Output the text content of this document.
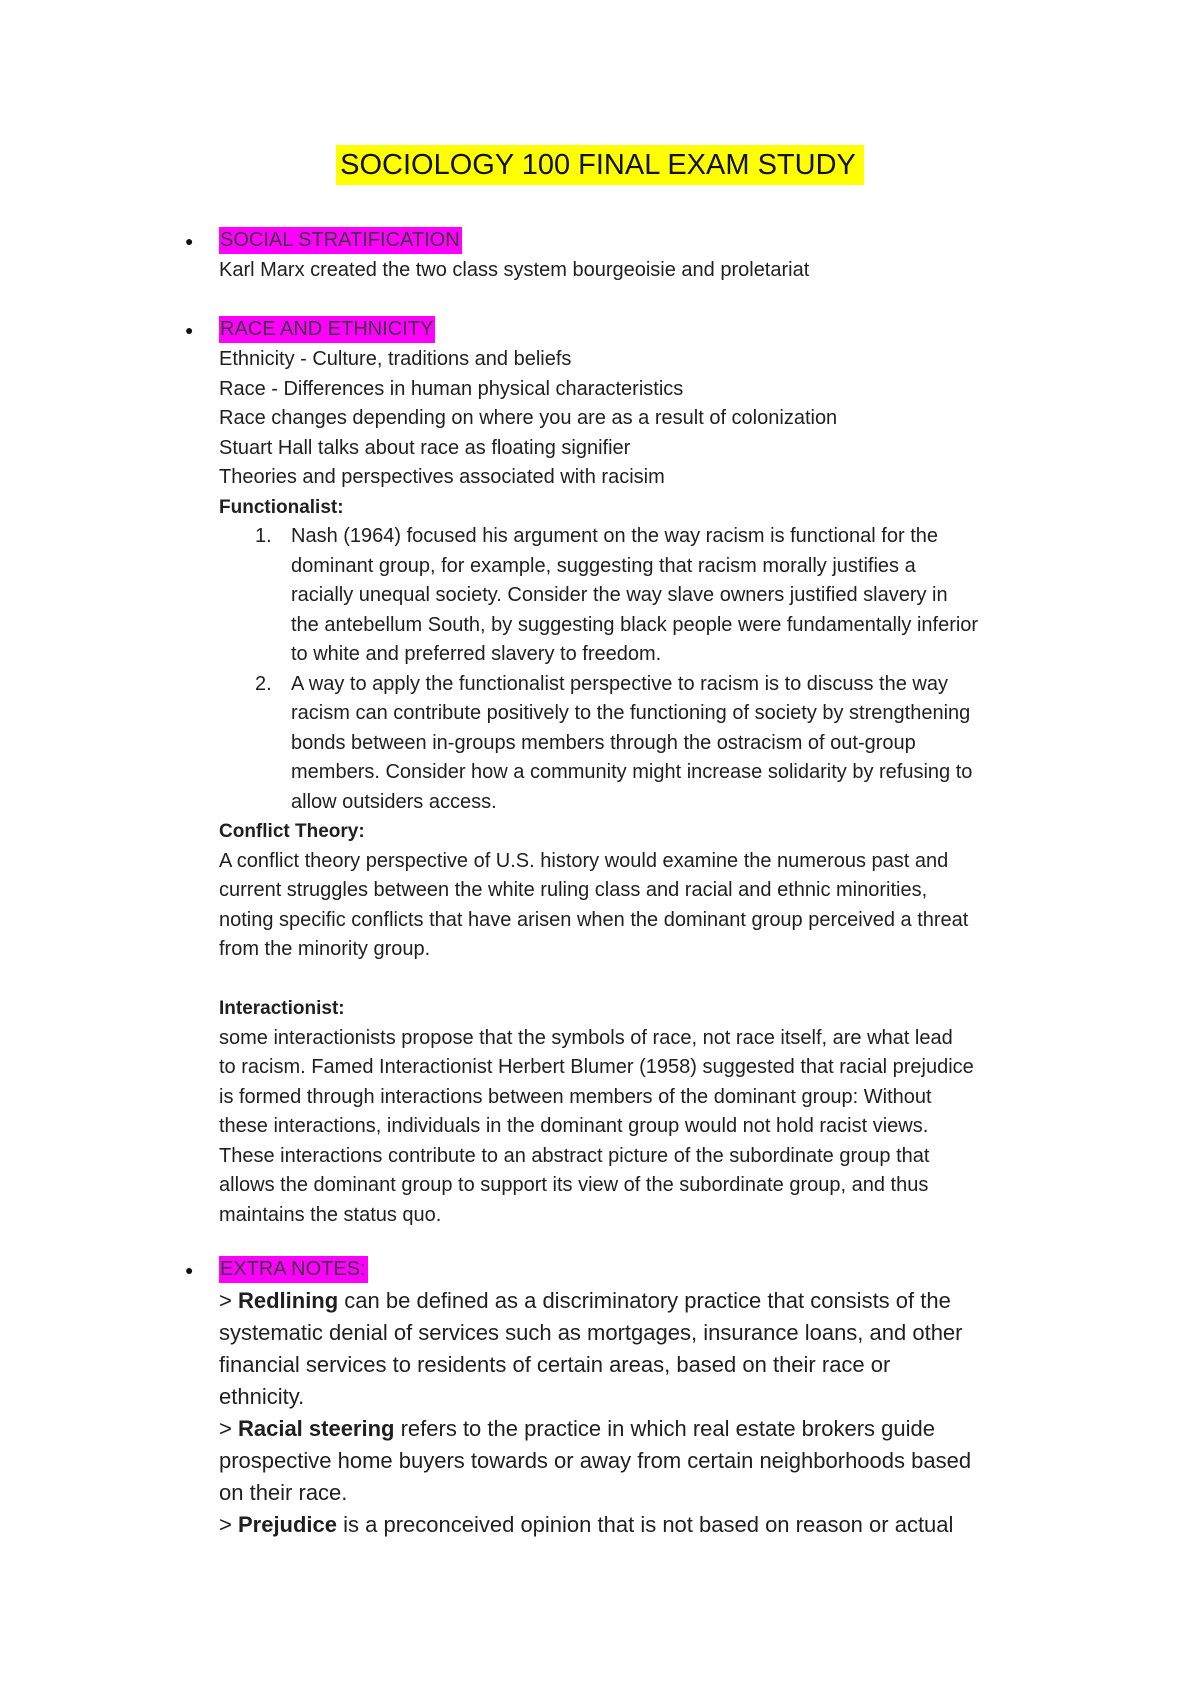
SOCIOLOGY 100 FINAL EXAM STUDY
● SOCIAL STRATIFICATION
Karl Marx created the two class system bourgeoisie and proletariat
● RACE AND ETHNICITY
Ethnicity - Culture, traditions and beliefs
Race - Differences in human physical characteristics
Race changes depending on where you are as a result of colonization
Stuart Hall talks about race as floating signifier
Theories and perspectives associated with racisim
Functionalist:
1. Nash (1964) focused his argument on the way racism is functional for the
dominant group, for example, suggesting that racism morally justifies a
racially unequal society. Consider the way slave owners justified slavery in
the antebellum South, by suggesting black people were fundamentally inferior
to white and preferred slavery to freedom.
2. A way to apply the functionalist perspective to racism is to discuss the way
racism can contribute positively to the functioning of society by strengthening
bonds between in-groups members through the ostracism of out-group
members. Consider how a community might increase solidarity by refusing to
allow outsiders access.
Conflict Theory:
A conflict theory perspective of U.S. history would examine the numerous past and
current struggles between the white ruling class and racial and ethnic minorities,
noting specific conflicts that have arisen when the dominant group perceived a threat
from the minority group.
Interactionist:
some interactionists propose that the symbols of race, not race itself, are what lead
to racism. Famed Interactionist Herbert Blumer (1958) suggested that racial prejudice
is formed through interactions between members of the dominant group: Without
these interactions, individuals in the dominant group would not hold racist views.
These interactions contribute to an abstract picture of the subordinate group that
allows the dominant group to support its view of the subordinate group, and thus
maintains the status quo.
● EXTRA NOTES:
> Redlining can be defined as a discriminatory practice that consists of the
systematic denial of services such as mortgages, insurance loans, and other
financial services to residents of certain areas, based on their race or
ethnicity.
> Racial steering refers to the practice in which real estate brokers guide
prospective home buyers towards or away from certain neighborhoods based
on their race.
> Prejudice is a preconceived opinion that is not based on reason or actual
